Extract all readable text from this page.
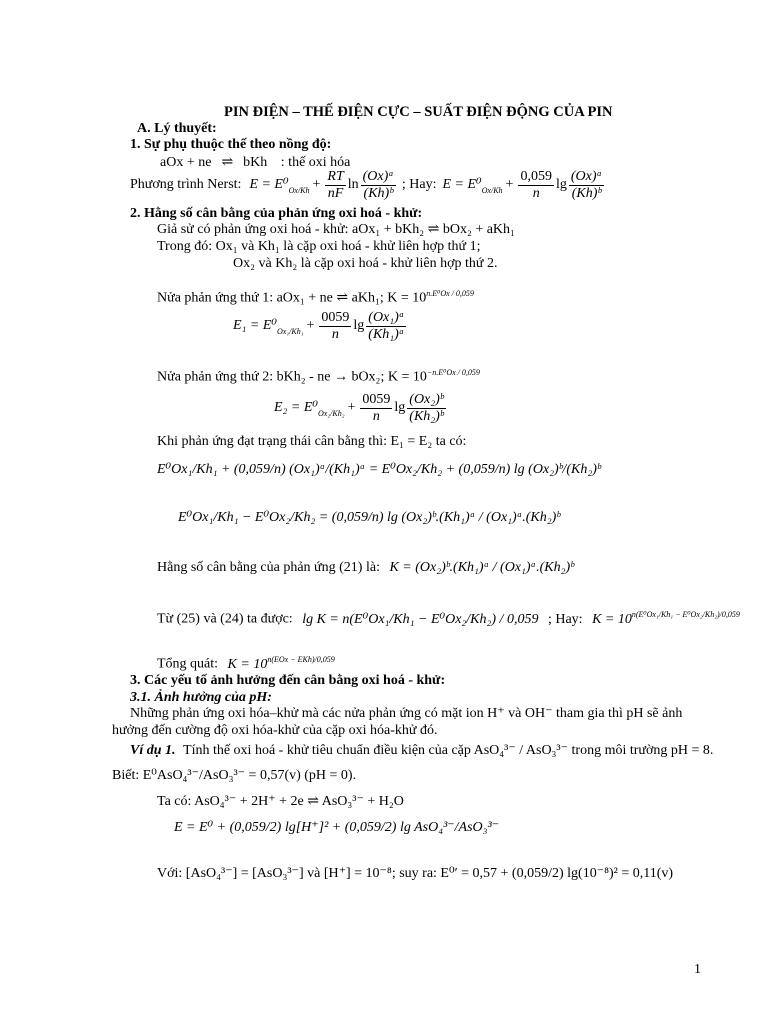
PIN ĐIỆN – THẾ ĐIỆN CỰC – SUẤT ĐIỆN ĐỘNG CỦA PIN
A. Lý thuyết:
1. Sự phụ thuộc thế theo nồng độ:
aOx + ne ⇌ bKh : thế oxi hóa
Phương trình Nerst: E = E⁰ $Ox/Kh + \frac{RT}{nF}$ $\ln \frac{\text{(Ox)ᵃ}}{\text{(Kh)ᵇ}}$ ; Hay: E = E⁰ $Ox/Kh + \frac{0,059}{n}$ $\lg \frac{\text{(Ox)ᵃ}}{\text{(Kh)ᵇ}}$
2. Hằng số cân bằng của phản ứng oxi hoá - khử:
Giả sử có phản ứng oxi hoá - khử: aOx₁ + bKh₂ ⇌ bOx₂ + aKh₁
Trong đó: Ox₁ và Kh₁ là cặp oxi hoá - khử liên hợp thứ 1;
Ox₂ và Kh₂ là cặp oxi hoá - khử liên hợp thứ 2.
Nửa phản ứng thứ 1: aOx₁ + ne ⇌ aKh₁; $K = 10^{n.E^0Ox / 0,059}$
E₁ = E⁰ $Ox_1/Kh_1 + \frac{0059}{n}$ $\lg \frac{\text{(Ox₁)ᵃ}}{\text{(Kh₁)ᵃ}}$
Nửa phản ứng thứ 2: bKh₂ - ne → bOx₂; $K = 10^{-n.E^0Ox / 0,059}$
E₂ = E⁰ $Ox_2/Kh_2 + \frac{0059}{n}$ $\lg \frac{\text{(Ox₂)ᵇ}}{\text{(Kh₂)ᵇ}}$
Khi phản ứng đạt trạng thái cân bằng thì: E₁ = E₂ ta có:
E⁰Ox₁/Kh₁ + (0,059/n) (Ox₁)ᵃ/(Kh₁)ᵃ = E⁰Ox₂/Kh₂ + (0,059/n) lg (Ox₂)ᵇ/(Kh₂)ᵇ
E⁰Ox₁/Kh₁ − E⁰Ox₂/Kh₂ = (0,059/n) lg (Ox₂)ᵇ.(Kh₁)ᵃ / (Ox₁)ᵃ.(Kh₂)ᵇ
Hằng số cân bằng của phản ứng (21) là: K = (Ox₂)ᵇ.(Kh₁)ᵃ / (Ox₁)ᵃ.(Kh₂)ᵇ
Từ (25) và (24) ta được: lg K = n(E⁰Ox₁/Kh₁ − E⁰Ox₂/Kh₂) / 0,059 ; Hay: $K = 10^{n(E^0Ox_1/Kh_1 - E^0Ox_2/Kh_2)/0,059}$
Tổng quát: $K = 10^{n(EOx - EKh)/0,059}$
3. Các yếu tố ảnh hưởng đến cân bằng oxi hoá - khử:
3.1. Ảnh hưởng của pH:
Những phản ứng oxi hóa–khử mà các nửa phản ứng có mặt ion H⁺ và OH⁻ tham gia thì pH sẽ ảnh
hưởng đến cường độ oxi hóa-khử của cặp oxi hóa-khử đó.
Ví dụ 1. Tính thế oxi hoá - khử tiêu chuẩn điều kiện của cặp AsO₄³⁻ / AsO₃³⁻ trong môi trường pH = 8.
Biết: E⁰AsO₄³⁻/AsO₃³⁻ = 0,57(v) (pH = 0).
Ta có: AsO₄³⁻ + 2H⁺ + 2e ⇌ AsO₃³⁻ + H₂O
E = E⁰ + (0,059/2) lg[H⁺]² + (0,059/2) lg AsO₄³⁻/AsO₃³⁻
Với: [AsO₄³⁻] = [AsO₃³⁻] và [H⁺] = 10⁻⁸; suy ra: E⁰′ = 0,57 + (0,059/2) lg(10⁻⁸)² = 0,11(v)
1
